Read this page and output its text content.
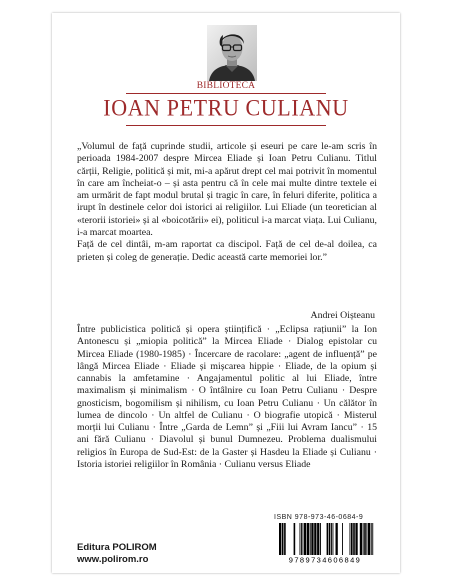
BIBLIOTECA
IOAN PETRU CULIANU

„Volumul de față cuprinde studii, articole și eseuri pe care le-am scris în perioada 1984-2007 despre Mircea Eliade și Ioan Petru Culianu. Titlul cărții, Religie, politică și mit, mi-a apărut drept cel mai potrivit în momentul în care am încheiat-o – și asta pentru că în cele mai multe dintre textele ei am urmărit de fapt modul brutal și tragic în care, în feluri diferite, politica a irupt în destinele celor doi istorici ai religiilor. Lui Eliade (un teoretician al «terorii istoriei» și al «boicotării» ei), politicul i-a marcat viața. Lui Culianu, i-a marcat moartea.

Față de cel dintâi, m-am raportat ca discipol. Față de cel de-al doilea, ca prieten și coleg de generație. Dedic această carte memoriei lor.”

Andrei Oișteanu
Între publicistica politică și opera științifică · „Eclipsa rațiunii” la Ion Antonescu și „miopia politică” la Mircea Eliade · Dialog epistolar cu Mircea Eliade (1980-1985) · Încercare de racolare: „agent de influență” pe lângă Mircea Eliade · Eliade și mișcarea hippie · Eliade, de la opium și cannabis la amfetamine · Angajamentul politic al lui Eliade, între maximalism și minimalism · O întâlnire cu Ioan Petru Culianu · Despre gnosticism, bogomilism și nihilism, cu Ioan Petru Culianu · Un călător în lumea de dincolo · Un altfel de Culianu · O biografie utopică · Misterul morții lui Culianu · Între „Garda de Lemn” și „Fiii lui Avram Iancu” · 15 ani fără Culianu · Diavolul și bunul Dumnezeu. Problema dualismului religios în Europa de Sud-Est: de la Gaster și Hasdeu la Eliade și Culianu · Istoria istoriei religiilor în România · Culianu versus Eliade
ISBN 978-973-46-0684-9
9789734606849
Editura POLIROM
www.polirom.ro
